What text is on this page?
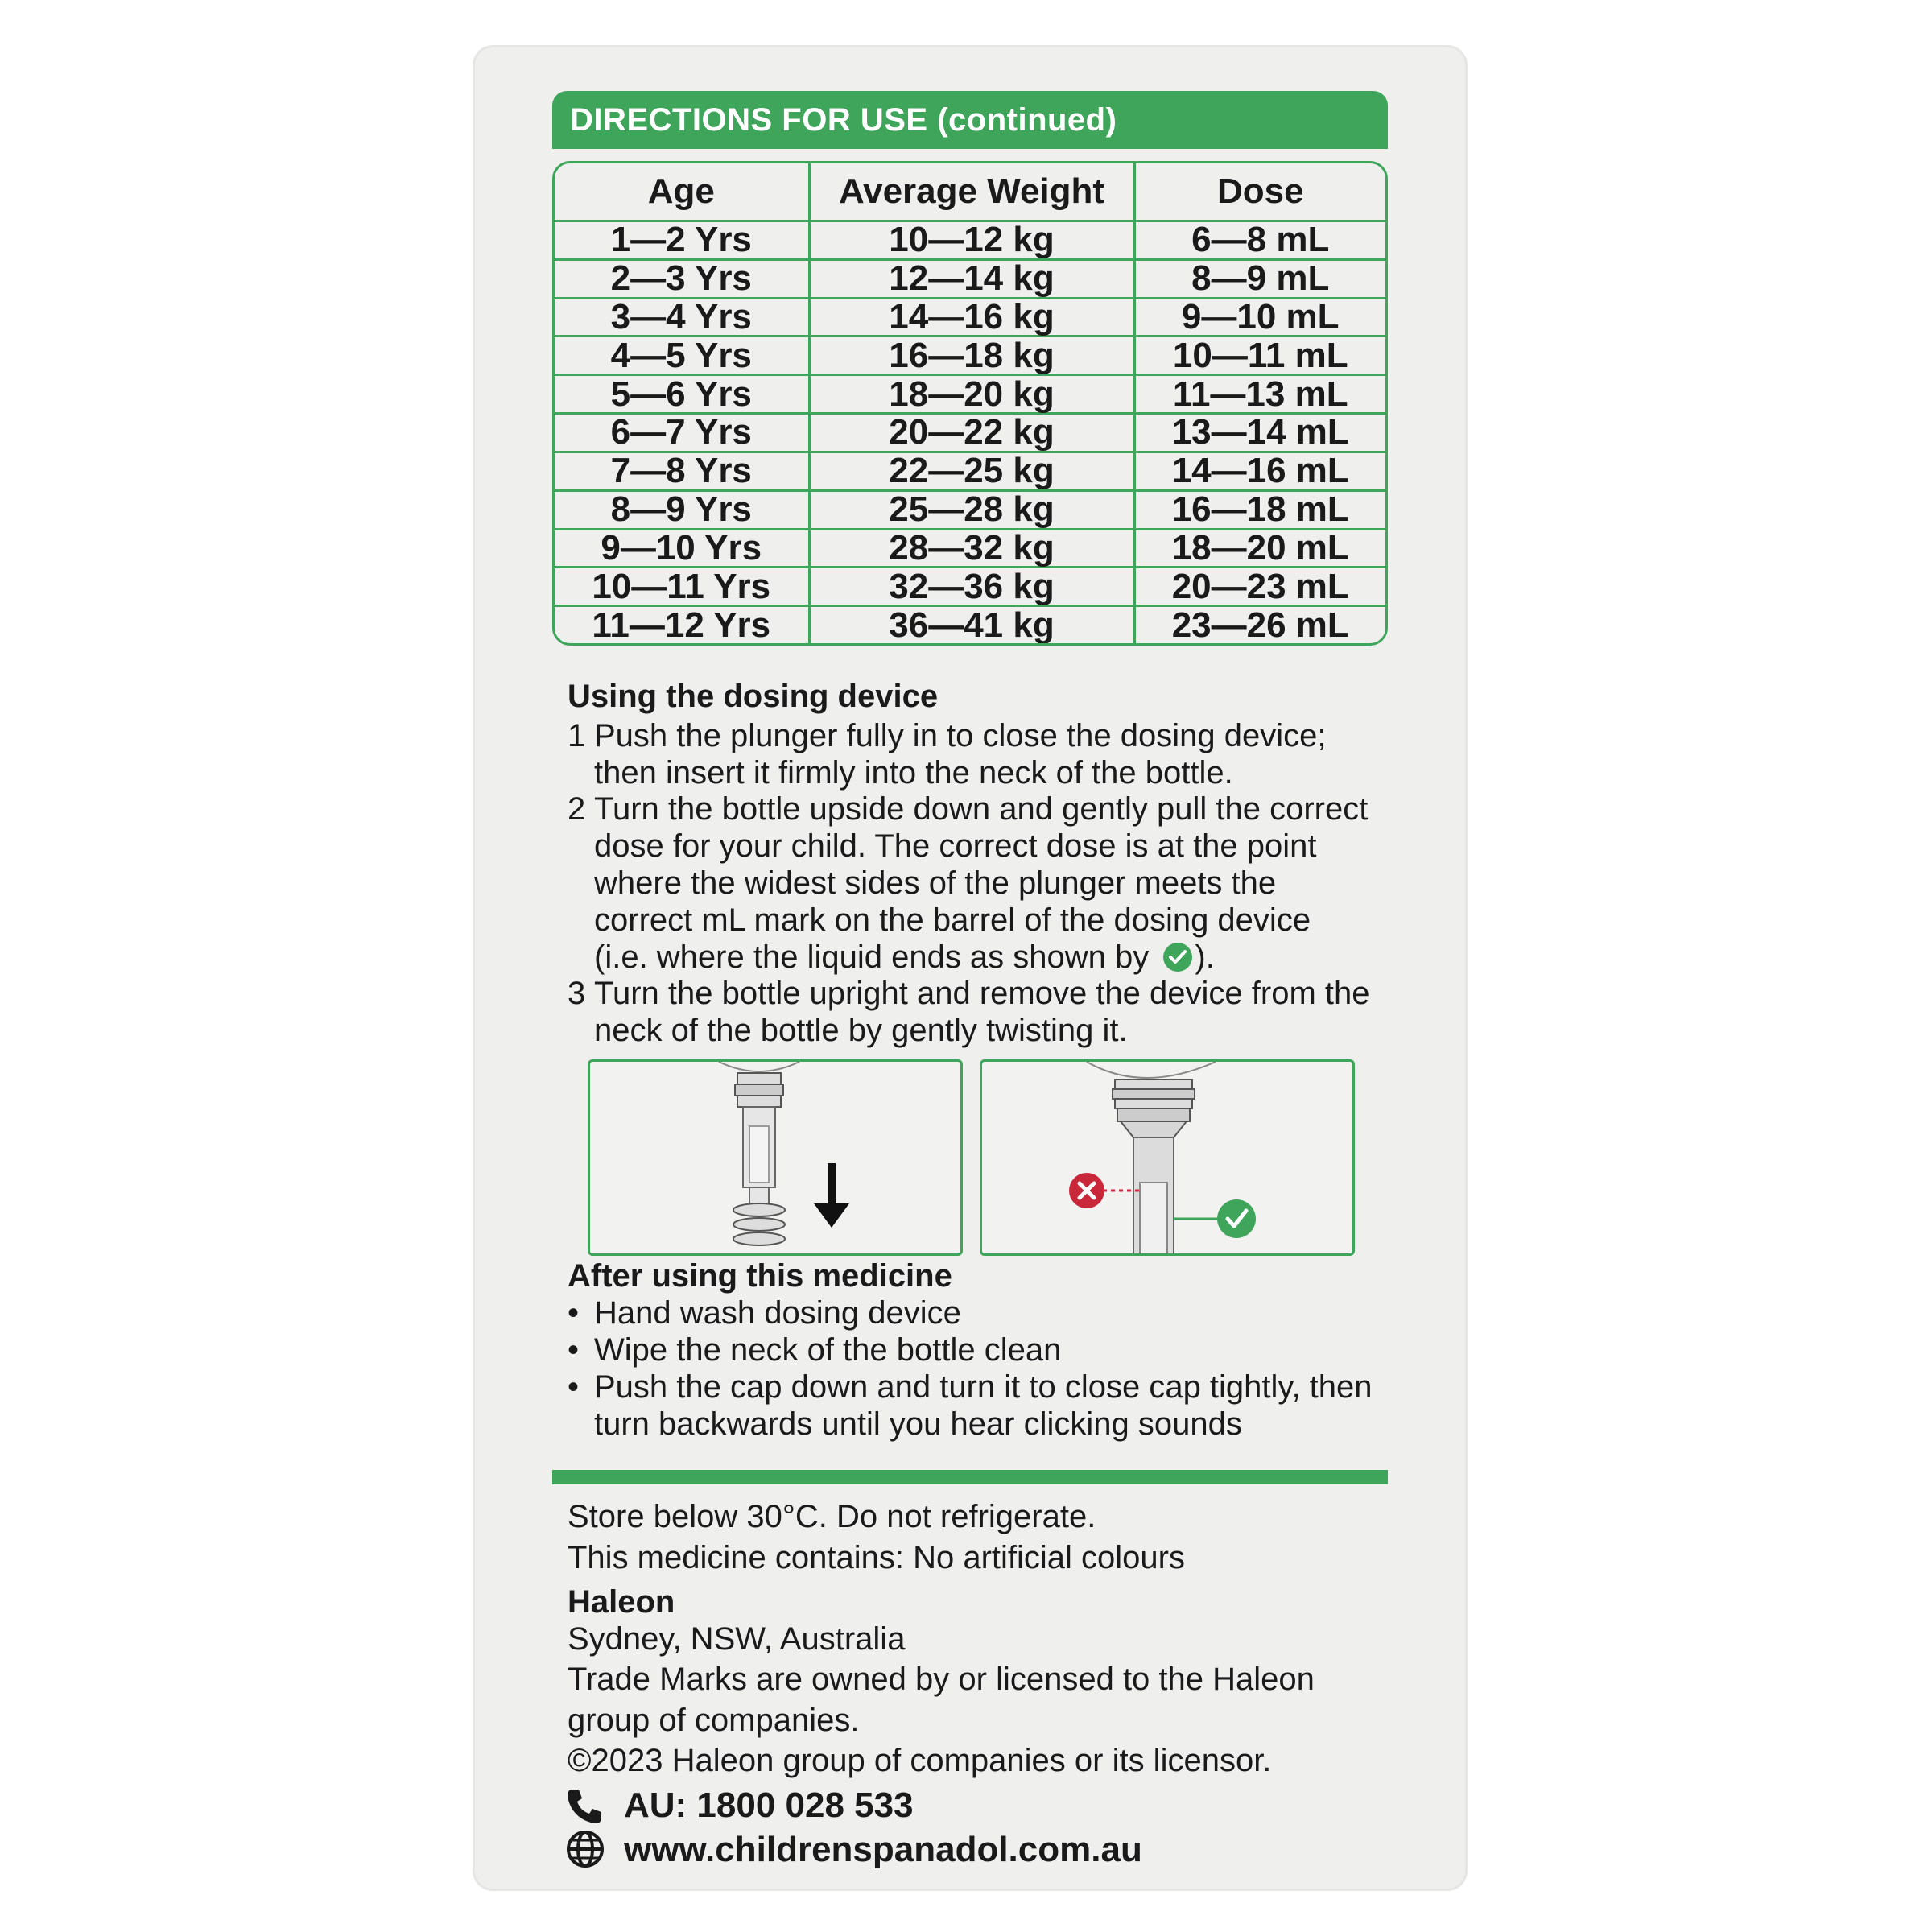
DIRECTIONS FOR USE (continued)
Age	Average Weight	Dose
1—2 Yrs	10—12 kg	6—8 mL
2—3 Yrs	12—14 kg	8—9 mL
3—4 Yrs	14—16 kg	9—10 mL
4—5 Yrs	16—18 kg	10—11 mL
5—6 Yrs	18—20 kg	11—13 mL
6—7 Yrs	20—22 kg	13—14 mL
7—8 Yrs	22—25 kg	14—16 mL
8—9 Yrs	25—28 kg	16—18 mL
9—10 Yrs	28—32 kg	18—20 mL
10—11 Yrs	32—36 kg	20—23 mL
11—12 Yrs	36—41 kg	23—26 mL
Using the dosing device
1 Push the plunger fully in to close the dosing device;
then insert it firmly into the neck of the bottle.
2 Turn the bottle upside down and gently pull the correct
dose for your child. The correct dose is at the point
where the widest sides of the plunger meets the
correct mL mark on the barrel of the dosing device
(i.e. where the liquid ends as shown by ).
3 Turn the bottle upright and remove the device from the
neck of the bottle by gently twisting it.
After using this medicine
• Hand wash dosing device
• Wipe the neck of the bottle clean
• Push the cap down and turn it to close cap tightly, then
turn backwards until you hear clicking sounds
Store below 30°C. Do not refrigerate.
This medicine contains: No artificial colours
Haleon
Sydney, NSW, Australia
Trade Marks are owned by or licensed to the Haleon
group of companies.
©2023 Haleon group of companies or its licensor.
AU: 1800 028 533
www.childrenspanadol.com.au
